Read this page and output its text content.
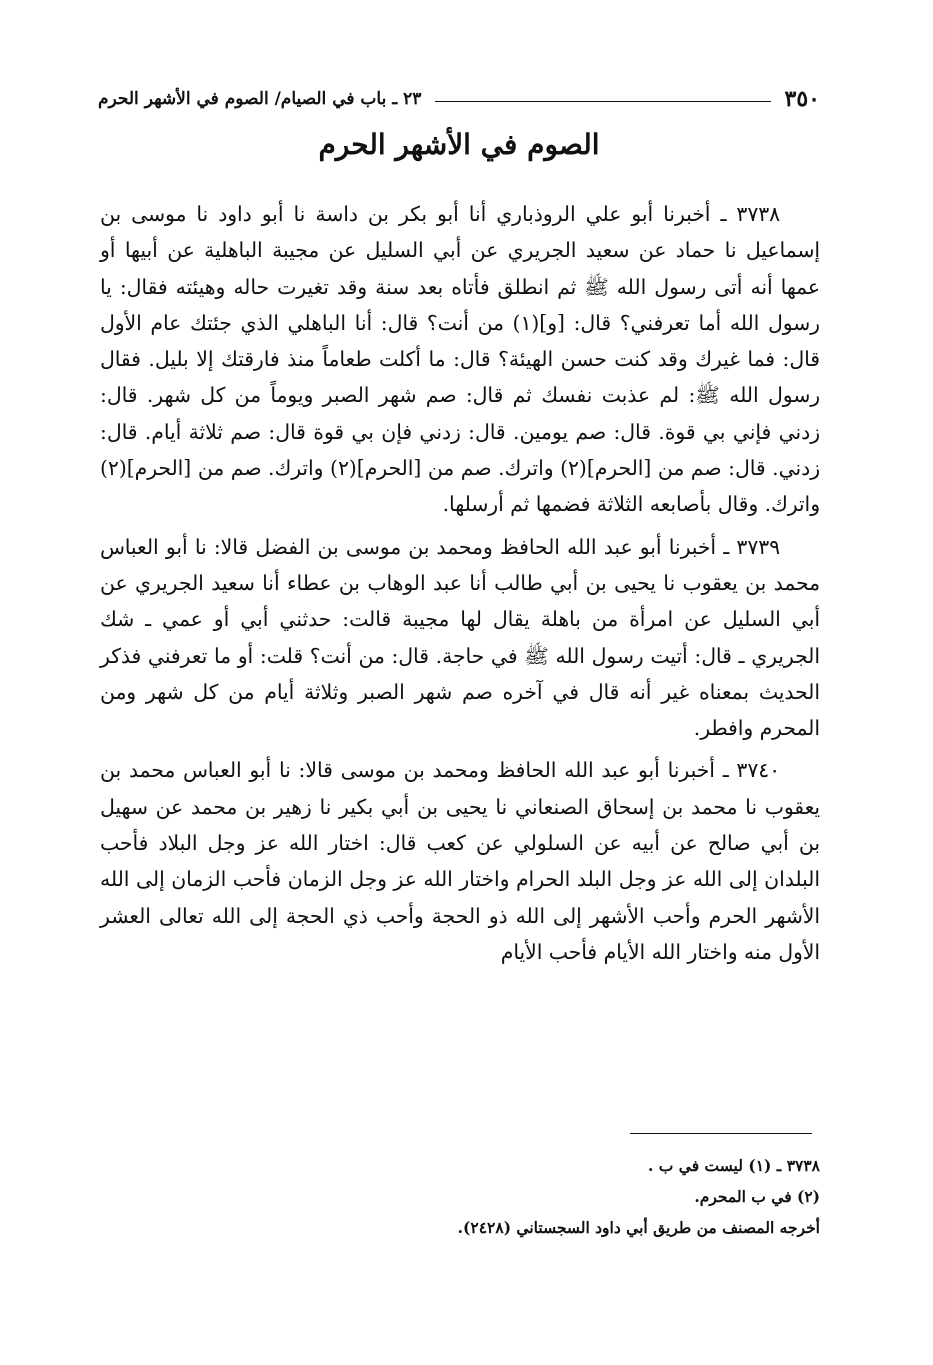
٣٥٠
٢٣ ـ باب في الصيام/ الصوم في الأشهر الحرم
الصوم في الأشهر الحرم

٣٧٣٨ ـ أخبرنا أبو علي الروذباري أنا أبو بكر بن داسة نا أبو داود نا موسى بن إسماعيل نا حماد عن سعيد الجريري عن أبي السليل عن مجيبة الباهلية عن أبيها أو عمها أنه أتى رسول الله ﷺ ثم انطلق فأتاه بعد سنة وقد تغيرت حاله وهيئته فقال: يا رسول الله أما تعرفني؟ قال: [و](١) من أنت؟ قال: أنا الباهلي الذي جئتك عام الأول قال: فما غيرك وقد كنت حسن الهيئة؟ قال: ما أكلت طعاماً منذ فارقتك إلا بليل. فقال رسول الله ﷺ: لم عذبت نفسك ثم قال: صم شهر الصبر ويوماً من كل شهر. قال: زدني فإني بي قوة. قال: صم يومين. قال: زدني فإن بي قوة قال: صم ثلاثة أيام. قال: زدني. قال: صم من [الحرم](٢) واترك. صم من [الحرم](٢) واترك. صم من [الحرم](٢) واترك. وقال بأصابعه الثلاثة فضمها ثم أرسلها.

٣٧٣٩ ـ أخبرنا أبو عبد الله الحافظ ومحمد بن موسى بن الفضل قالا: نا أبو العباس محمد بن يعقوب نا يحيى بن أبي طالب أنا عبد الوهاب بن عطاء أنا سعيد الجريري عن أبي السليل عن امرأة من باهلة يقال لها مجيبة قالت: حدثني أبي أو عمي ـ شك الجريري ـ قال: أتيت رسول الله ﷺ في حاجة. قال: من أنت؟ قلت: أو ما تعرفني فذكر الحديث بمعناه غير أنه قال في آخره صم شهر الصبر وثلاثة أيام من كل شهر ومن المحرم وافطر.

٣٧٤٠ ـ أخبرنا أبو عبد الله الحافظ ومحمد بن موسى قالا: نا أبو العباس محمد بن يعقوب نا محمد بن إسحاق الصنعاني نا يحيى بن أبي بكير نا زهير بن محمد عن سهيل بن أبي صالح عن أبيه عن السلولي عن كعب قال: اختار الله عز وجل البلاد فأحب البلدان إلى الله عز وجل البلد الحرام واختار الله عز وجل الزمان فأحب الزمان إلى الله الأشهر الحرم وأحب الأشهر إلى الله ذو الحجة وأحب ذي الحجة إلى الله تعالى العشر الأول منه واختار الله الأيام فأحب الأيام

٣٧٣٨ ـ (١) ليست في ب .
(٢) في ب المحرم.
أخرجه المصنف من طريق أبي داود السجستاني (٢٤٢٨).
